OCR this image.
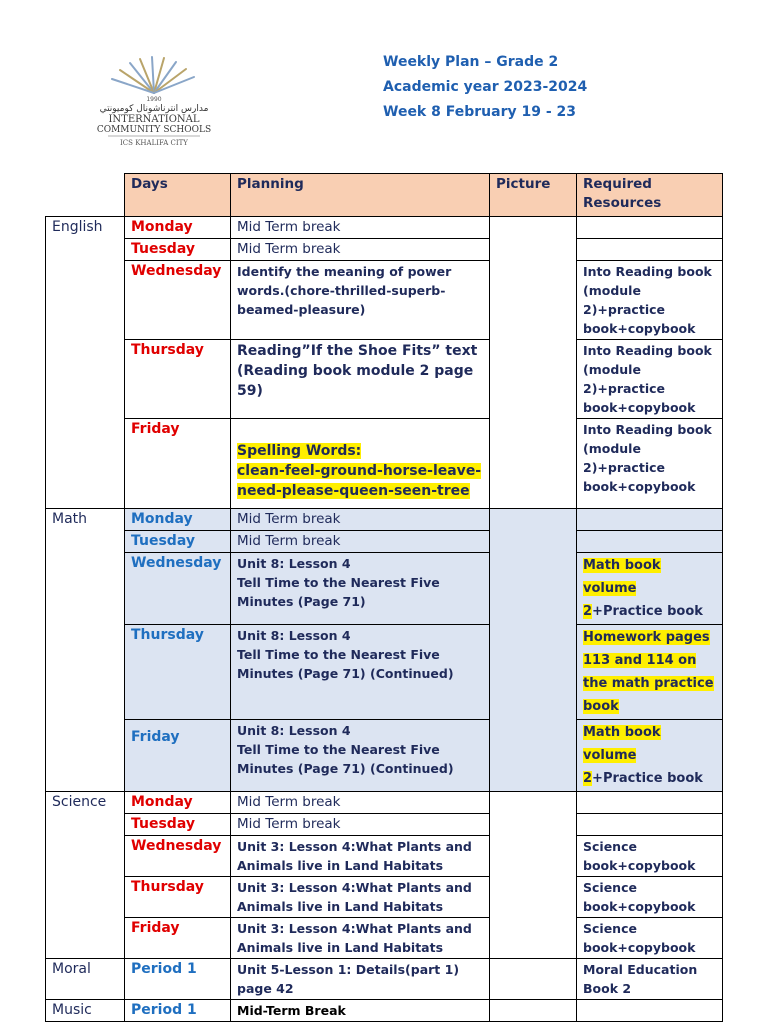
1990
مدارس انترناشونال كوميونتي
INTERNATIONAL
COMMUNITY SCHOOLS
ICS KHALIFA CITY
Weekly Plan – Grade 2
Academic year 2023-2024
Week 8 February 19 - 23
	Days	Planning	Picture	Required Resources
English	Monday	Mid Term break		
	Tuesday	Mid Term break		
	Wednesday	Identify the meaning of power words.(chore-thrilled-superb-beamed-pleasure)		Into Reading book (module 2)+practice book+copybook
	Thursday	Reading”If the Shoe Fits” text (Reading book module 2 page 59)		Into Reading book (module 2)+practice book+copybook
	Friday	Spelling Words:
clean-feel-ground-horse-leave-need-please-queen-seen-tree		Into Reading book (module 2)+practice book+copybook
Math	Monday	Mid Term break		
	Tuesday	Mid Term break		
	Wednesday	Unit 8: Lesson 4
Tell Time to the Nearest Five Minutes (Page 71)		Math book volume 2+Practice book
	Thursday	Unit 8: Lesson 4
Tell Time to the Nearest Five Minutes (Page 71) (Continued)		Homework pages 113 and 114 on the math practice book
	Friday	Unit 8: Lesson 4
Tell Time to the Nearest Five Minutes (Page 71) (Continued)		Math book volume 2+Practice book
Science	Monday	Mid Term break		
	Tuesday	Mid Term break		
	Wednesday	Unit 3: Lesson 4:What Plants and Animals live in Land Habitats		Science book+copybook
	Thursday	Unit 3: Lesson 4:What Plants and Animals live in Land Habitats		Science book+copybook
	Friday	Unit 3: Lesson 4:What Plants and Animals live in Land Habitats		Science book+copybook
Moral	Period 1	Unit 5-Lesson 1: Details(part 1) page 42		Moral Education Book 2
Music	Period 1	Mid-Term Break		
